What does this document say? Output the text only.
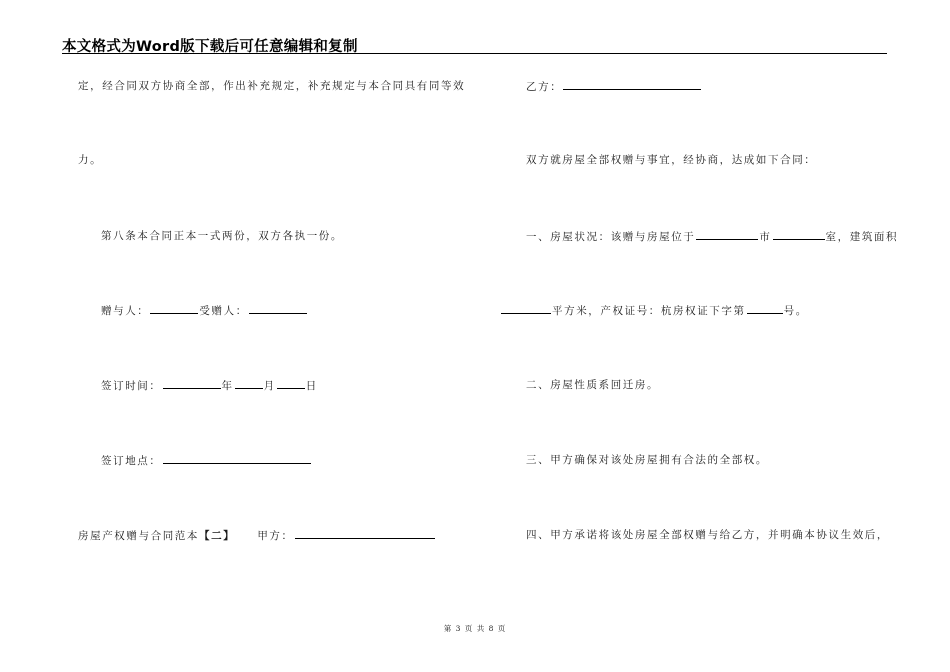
本文格式为Word版下载后可任意编辑和复制
定，经合同双方协商全部，作出补充规定，补充规定与本合同具有同等效
力。
第八条本合同正本一式两份，双方各执一份。
赠与人：	受赠人：
签订时间：	年	月	日
签订地点：
房屋产权赠与合同范本【二】 甲方：
乙方：
双方就房屋全部权赠与事宜，经协商，达成如下合同：
一、房屋状况：该赠与房屋位于	市	室，建筑面积
平方米，产权证号：杭房权证下字第	号。
二、房屋性质系回迁房。
三、甲方确保对该处房屋拥有合法的全部权。
四、甲方承诺将该处房屋全部权赠与给乙方，并明确本协议生效后，
第 3 页 共 8 页
